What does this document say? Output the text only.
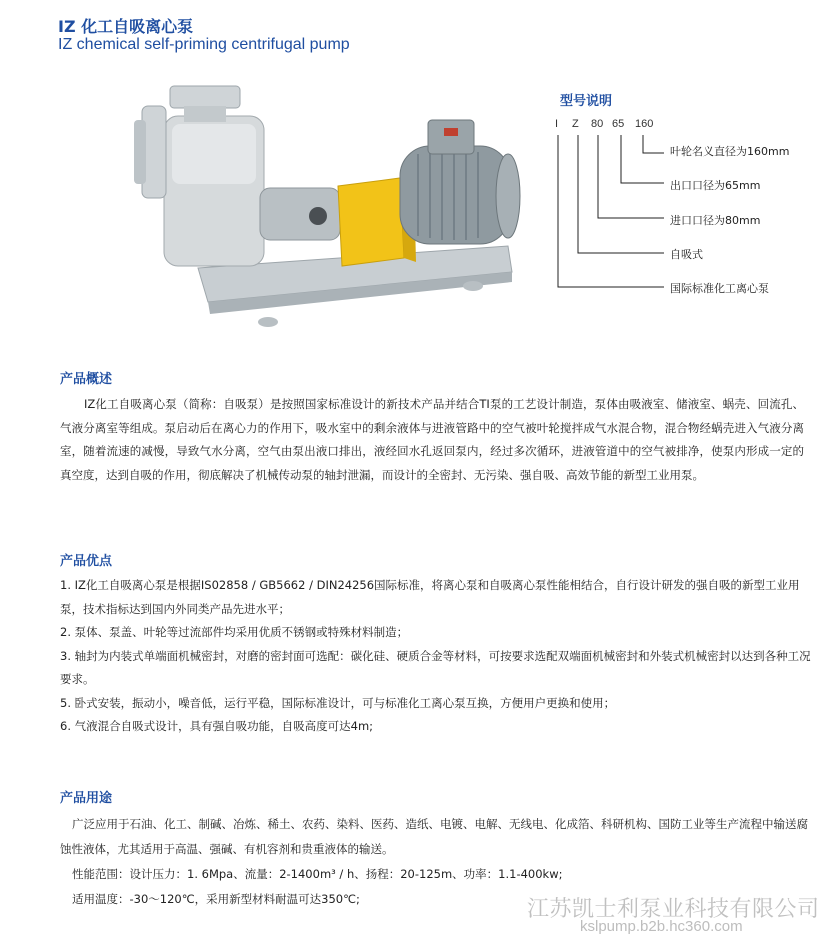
IZ 化工自吸离心泵
IZ chemical self-priming centrifugal pump
型号说明
I Z 80 65 160
叶轮名义直径为160mm
出口口径为65mm
进口口径为80mm
自吸式
国际标准化工离心泵
产品概述

IZ化工自吸离心泵（简称：自吸泵）是按照国家标准设计的新技术产品并结合TI泵的工艺设计制造，泵体由吸液室、储液室、蜗壳、回流孔、气液分离室等组成。泵启动后在离心力的作用下，吸水室中的剩余液体与进液管路中的空气被叶轮搅拌成气水混合物，混合物经蜗壳进入气液分离室，随着流速的减慢，导致气水分离，空气由泵出液口排出，液经回水孔返回泵内，经过多次循环，进液管道中的空气被排净，使泵内形成一定的真空度，达到自吸的作用，彻底解决了机械传动泵的轴封泄漏，而设计的全密封、无污染、强自吸、高效节能的新型工业用泵。

产品优点
1. IZ化工自吸离心泵是根据IS02858 / GB5662 / DIN24256国际标准，将离心泵和自吸离心泵性能相结合，自行设计研发的强自吸的新型工业用泵，技术指标达到国内外同类产品先进水平；
2. 泵体、泵盖、叶轮等过流部件均采用优质不锈钢或特殊材料制造；
3. 轴封为内装式单端面机械密封，对磨的密封面可选配：碳化硅、硬质合金等材料，可按要求选配双端面机械密封和外装式机械密封以达到各种工况要求。
5. 卧式安装，振动小，噪音低，运行平稳，国际标准设计，可与标准化工离心泵互换，方便用户更换和使用；
6. 气液混合自吸式设计，具有强自吸功能，自吸高度可达4m;
产品用途
广泛应用于石油、化工、制碱、冶炼、稀土、农药、染料、医药、造纸、电镀、电解、无线电、化成箔、科研机构、国防工业等生产流程中输送腐蚀性液体，尤其适用于高温、强碱、有机容剂和贵重液体的输送。
性能范围：设计压力：1. 6Mpa、流量：2-1400m³ / h、扬程：20-125m、功率：1.1-400kw;
适用温度：-30～120℃，采用新型材料耐温可达350℃;	江苏凯士利泵业科技有限公司
kslpump.b2b.hc360.com
